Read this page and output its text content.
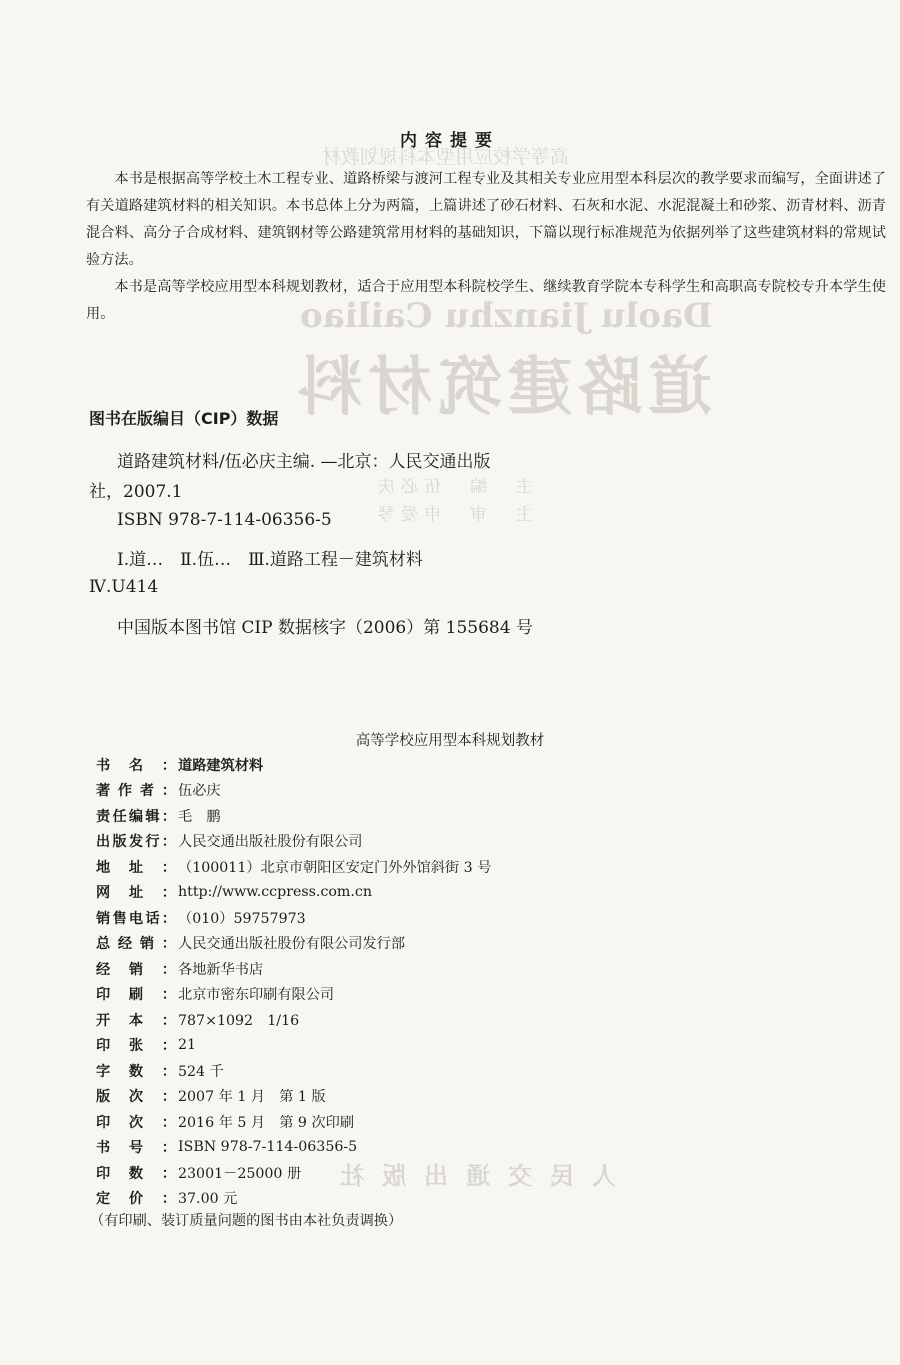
高等学校应用型本科规划教材
Daolu Jianzhu Cailiao
道路建筑材料
主　编　伍必庆
主　审　申爱琴
人民交通出版社
内容提要

本书是根据高等学校土木工程专业、道路桥梁与渡河工程专业及其相关专业应用型本科层次的教学要求而编写，全面讲述了有关道路建筑材料的相关知识。本书总体上分为两篇，上篇讲述了砂石材料、石灰和水泥、水泥混凝土和砂浆、沥青材料、沥青混合料、高分子合成材料、建筑钢材等公路建筑常用材料的基础知识，下篇以现行标准规范为依据列举了这些建筑材料的常规试验方法。

本书是高等学校应用型本科规划教材，适合于应用型本科院校学生、继续教育学院本专科学生和高职高专院校专升本学生使用。

图书在版编目（CIP）数据
道路建筑材料/伍必庆主编. —北京：人民交通出版
社，2007.1
ISBN 978-7-114-06356-5
Ⅰ.道…　Ⅱ.伍…　Ⅲ.道路工程－建筑材料
Ⅳ.U414
中国版本图书馆 CIP 数据核字（2006）第 155684 号
高等学校应用型本科规划教材
书名： 道路建筑材料
著作者： 伍必庆
责任编辑： 毛　鹏
出版发行： 人民交通出版社股份有限公司
地址： （100011）北京市朝阳区安定门外外馆斜街 3 号
网址： http://www.ccpress.com.cn
销售电话： （010）59757973
总经销： 人民交通出版社股份有限公司发行部
经销： 各地新华书店
印刷： 北京市密东印刷有限公司
开本： 787×1092　1/16
印张： 21
字数： 524 千
版次： 2007 年 1 月　第 1 版
印次： 2016 年 5 月　第 9 次印刷
书号： ISBN 978-7-114-06356-5
印数： 23001－25000 册
定价： 37.00 元
（有印刷、装订质量问题的图书由本社负责调换）
